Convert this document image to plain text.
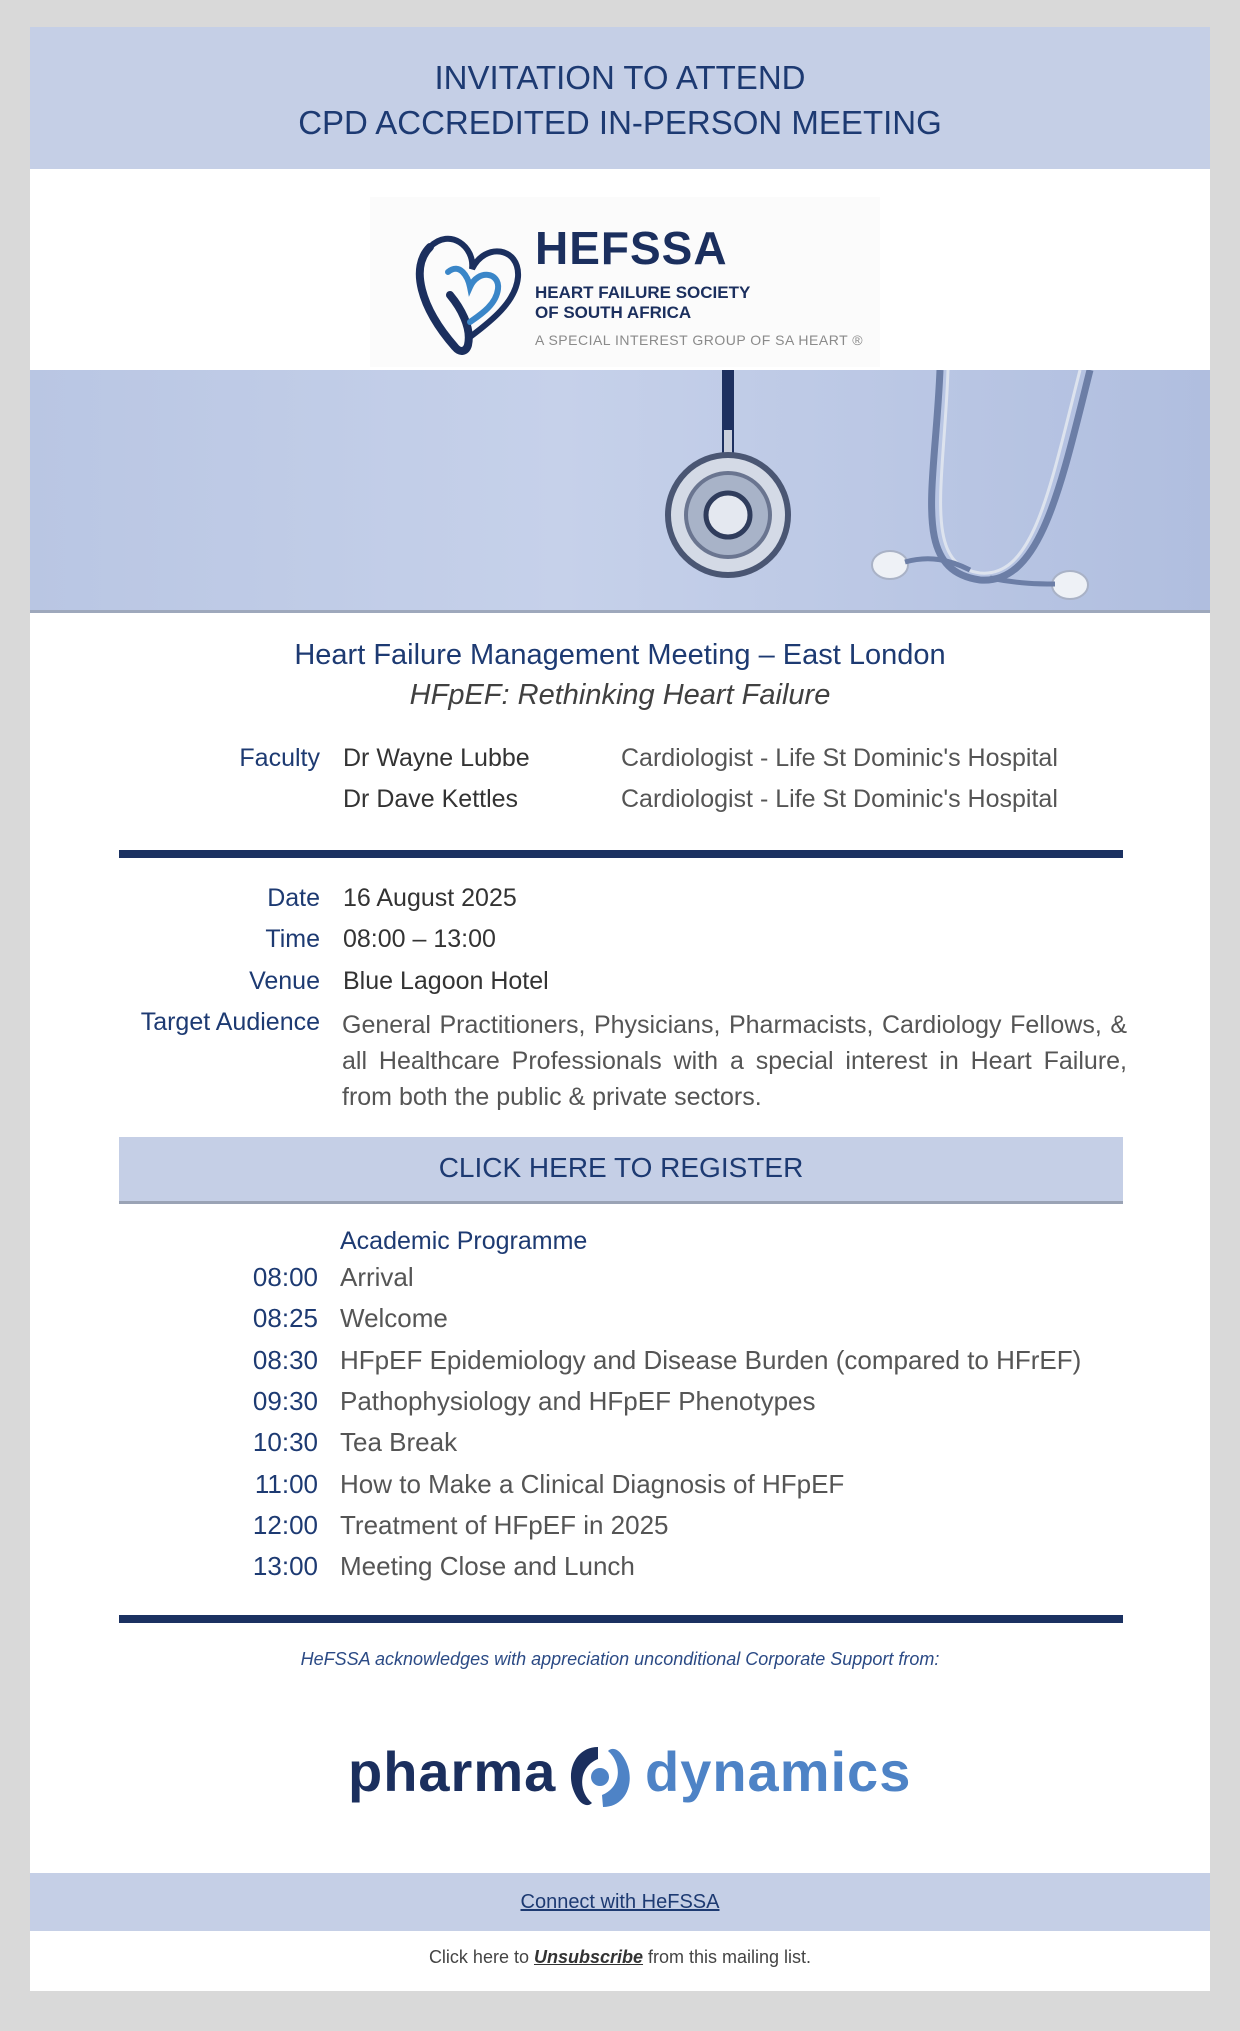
INVITATION TO ATTEND
CPD ACCREDITED IN-PERSON MEETING
HEFSSA
HEART FAILURE SOCIETY
OF SOUTH AFRICA
A SPECIAL INTEREST GROUP OF SA HEART ®
Heart Failure Management Meeting – East London
HFpEF: Rethinking Heart Failure
Faculty Dr Wayne Lubbe	Cardiologist - Life St Dominic's Hospital
Dr Dave Kettles	Cardiologist - Life St Dominic's Hospital
Date 16 August 2025
Time 08:00 – 13:00
Venue Blue Lagoon Hotel
Target Audience General Practitioners, Physicians, Pharmacists, Cardiology Fellows, & all Healthcare Professionals with a special interest in Heart Failure, from both the public & private sectors.
CLICK HERE TO REGISTER
Academic Programme
08:00 Arrival
08:25 Welcome
08:30 HFpEF Epidemiology and Disease Burden (compared to HFrEF)
09:30 Pathophysiology and HFpEF Phenotypes
10:30 Tea Break
11:00 How to Make a Clinical Diagnosis of HFpEF
12:00 Treatment of HFpEF in 2025
13:00 Meeting Close and Lunch
HeFSSA acknowledges with appreciation unconditional Corporate Support from:
pharma dynamics
Connect with HeFSSA
Click here to Unsubscribe from this mailing list.
